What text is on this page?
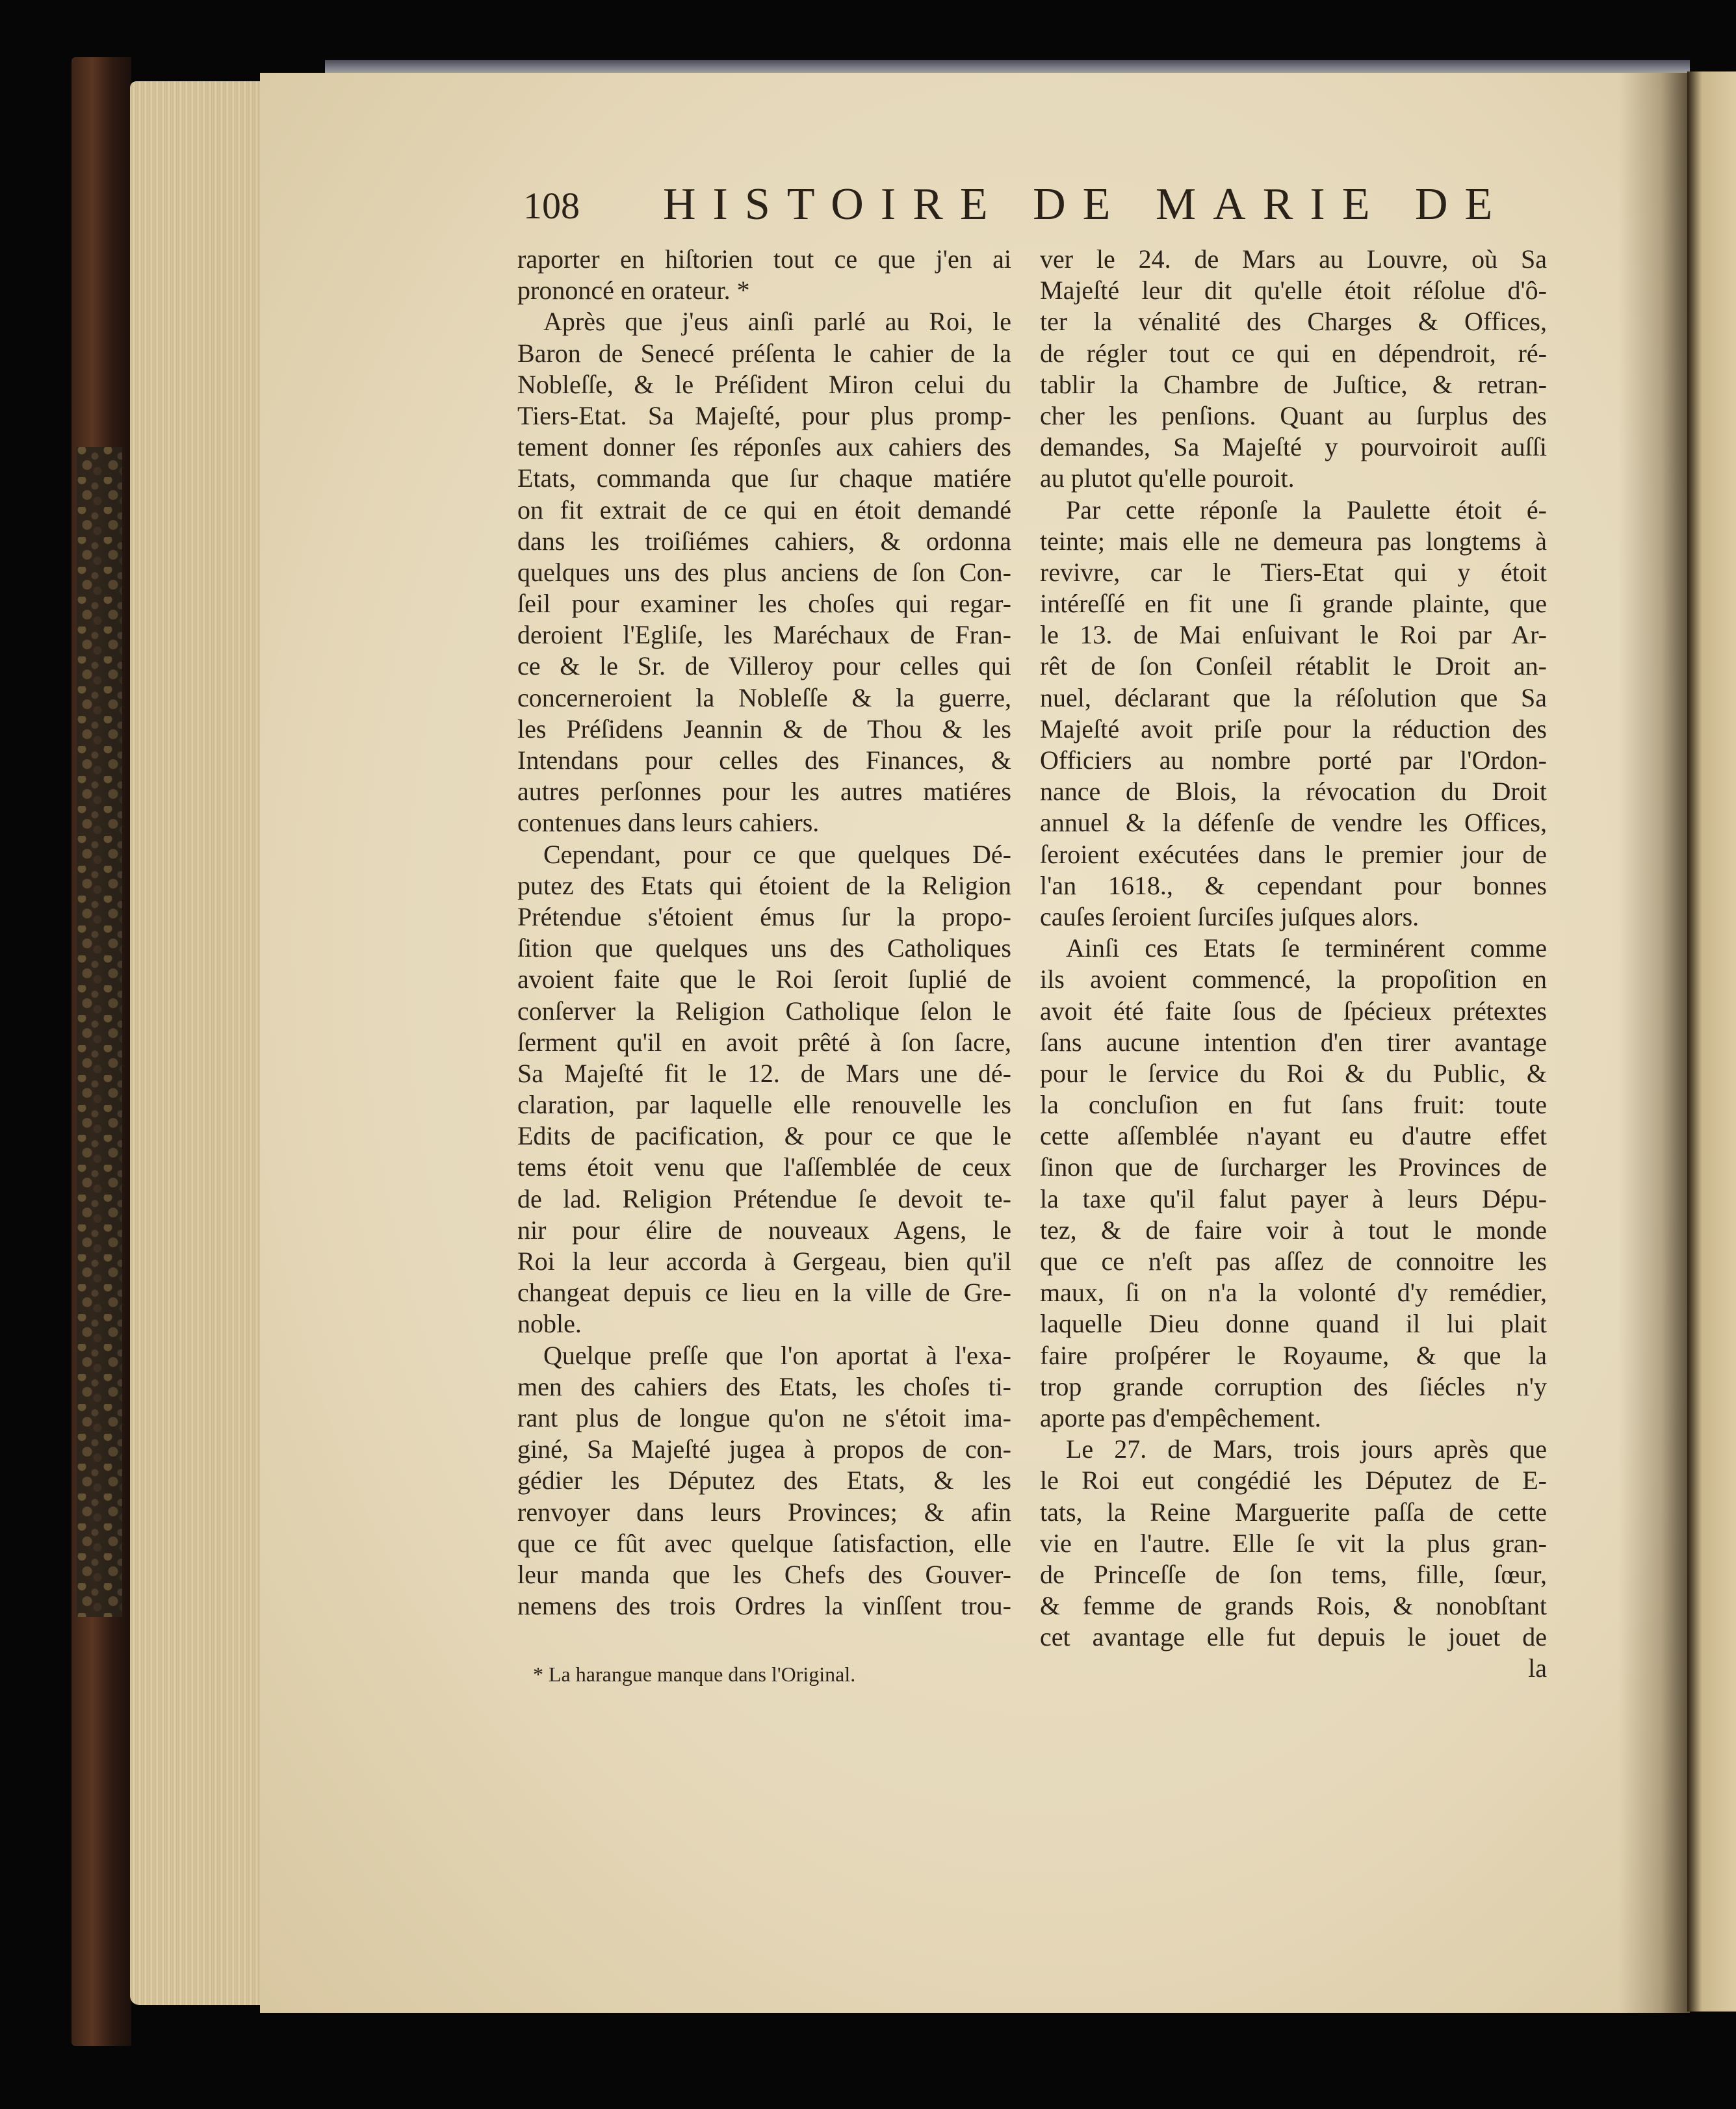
108 HISTOIRE DE MARIE DE
raporter en hiſtorien tout ce que j'en ai
prononcé en orateur. *
Après que j'eus ainſi parlé au Roi, le
Baron de Senecé préſenta le cahier de la
Nobleſſe, & le Préſident Miron celui du
Tiers-Etat. Sa Majeſté, pour plus promp-
tement donner ſes réponſes aux cahiers des
Etats, commanda que ſur chaque matiére
on fit extrait de ce qui en étoit demandé
dans les troiſiémes cahiers, & ordonna
quelques uns des plus anciens de ſon Con-
ſeil pour examiner les choſes qui regar-
deroient l'Egliſe, les Maréchaux de Fran-
ce & le Sr. de Villeroy pour celles qui
concerneroient la Nobleſſe & la guerre,
les Préſidens Jeannin & de Thou & les
Intendans pour celles des Finances, &
autres perſonnes pour les autres matiéres
contenues dans leurs cahiers.
Cependant, pour ce que quelques Dé-
putez des Etats qui étoient de la Religion
Prétendue s'étoient émus ſur la propo-
ſition que quelques uns des Catholiques
avoient faite que le Roi ſeroit ſuplié de
conſerver la Religion Catholique ſelon le
ſerment qu'il en avoit prêté à ſon ſacre,
Sa Majeſté fit le 12. de Mars une dé-
claration, par laquelle elle renouvelle les
Edits de pacification, & pour ce que le
tems étoit venu que l'aſſemblée de ceux
de lad. Religion Prétendue ſe devoit te-
nir pour élire de nouveaux Agens, le
Roi la leur accorda à Gergeau, bien qu'il
changeat depuis ce lieu en la ville de Gre-
noble.
Quelque preſſe que l'on aportat à l'exa-
men des cahiers des Etats, les choſes ti-
rant plus de longue qu'on ne s'étoit ima-
giné, Sa Majeſté jugea à propos de con-
gédier les Députez des Etats, & les
renvoyer dans leurs Provinces; & afin
que ce fût avec quelque ſatisfaction, elle
leur manda que les Chefs des Gouver-
nemens des trois Ordres la vinſſent trou-
ver le 24. de Mars au Louvre, où Sa
Majeſté leur dit qu'elle étoit réſolue d'ô-
ter la vénalité des Charges & Offices,
de régler tout ce qui en dépendroit, ré-
tablir la Chambre de Juſtice, & retran-
cher les penſions. Quant au ſurplus des
demandes, Sa Majeſté y pourvoiroit auſſi
au plutot qu'elle pouroit.
Par cette réponſe la Paulette étoit é-
teinte; mais elle ne demeura pas longtems à
revivre, car le Tiers-Etat qui y étoit
intéreſſé en fit une ſi grande plainte, que
le 13. de Mai enſuivant le Roi par Ar-
rêt de ſon Conſeil rétablit le Droit an-
nuel, déclarant que la réſolution que Sa
Majeſté avoit priſe pour la réduction des
Officiers au nombre porté par l'Ordon-
nance de Blois, la révocation du Droit
annuel & la défenſe de vendre les Offices,
ſeroient exécutées dans le premier jour de
l'an 1618., & cependant pour bonnes
cauſes ſeroient ſurciſes juſques alors.
Ainſi ces Etats ſe terminérent comme
ils avoient commencé, la propoſition en
avoit été faite ſous de ſpécieux prétextes
ſans aucune intention d'en tirer avantage
pour le ſervice du Roi & du Public, &
la concluſion en fut ſans fruit: toute
cette aſſemblée n'ayant eu d'autre effet
ſinon que de ſurcharger les Provinces de
la taxe qu'il falut payer à leurs Dépu-
tez, & de faire voir à tout le monde
que ce n'eſt pas aſſez de connoitre les
maux, ſi on n'a la volonté d'y remédier,
laquelle Dieu donne quand il lui plait
faire proſpérer le Royaume, & que la
trop grande corruption des ſiécles n'y
aporte pas d'empêchement.
Le 27. de Mars, trois jours après que
le Roi eut congédié les Députez de E-
tats, la Reine Marguerite paſſa de cette
vie en l'autre. Elle ſe vit la plus gran-
de Princeſſe de ſon tems, fille, ſœur,
& femme de grands Rois, & nonobſtant
cet avantage elle fut depuis le jouet de
la
* La harangue manque dans l'Original.
